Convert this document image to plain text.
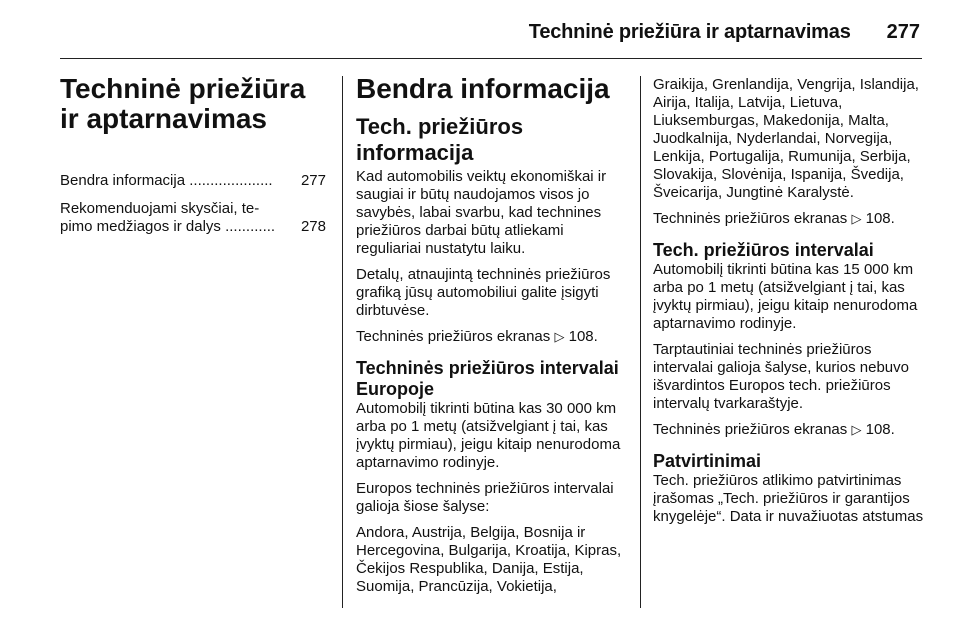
Techninė priežiūra ir aptarnavimas 277
Techninė priežiūra ir aptarnavimas
Bendra informacija ....................	277
Rekomenduojami skysčiai, te-
pimo medžiagos ir dalys ............	278
Bendra informacija
Tech. priežiūros informacija

Kad automobilis veiktų ekonomiškai ir saugiai ir būtų naudojamos visos jo savybės, labai svarbu, kad technines priežiūros darbai būtų atliekami reguliariai nustatytu laiku.

Detalų, atnaujintą techninės priežiūros grafiką jūsų automobiliui galite įsigyti dirbtuvėse.

Techninės priežiūros ekranas ▷ 108.

Techninės priežiūros intervalai Europoje

Automobilį tikrinti būtina kas 30 000 km arba po 1 metų (atsižvelgiant į tai, kas įvyktų pirmiau), jeigu kitaip nenurodoma aptarnavimo rodinyje.

Europos techninės priežiūros intervalai galioja šiose šalyse:

Andora, Austrija, Belgija, Bosnija ir Hercegovina, Bulgarija, Kroatija, Kipras, Čekijos Respublika, Danija, Estija, Suomija, Prancūzija, Vokietija,

Graikija, Grenlandija, Vengrija, Islandija, Airija, Italija, Latvija, Lietuva, Liuksemburgas, Makedonija, Malta, Juodkalnija, Nyderlandai, Norvegija, Lenkija, Portugalija, Rumunija, Serbija, Slovakija, Slovėnija, Ispanija, Švedija, Šveicarija, Jungtinė Karalystė.

Techninės priežiūros ekranas ▷ 108.

Tech. priežiūros intervalai

Automobilį tikrinti būtina kas 15 000 km arba po 1 metų (atsižvelgiant į tai, kas įvyktų pirmiau), jeigu kitaip nenurodoma aptarnavimo rodinyje.

Tarptautiniai techninės priežiūros intervalai galioja šalyse, kurios nebuvo išvardintos Europos tech. priežiūros intervalų tvarkaraštyje.

Techninės priežiūros ekranas ▷ 108.

Patvirtinimai

Tech. priežiūros atlikimo patvirtinimas įrašomas „Tech. priežiūros ir garantijos knygelėje“. Data ir nuvažiuotas atstumas
